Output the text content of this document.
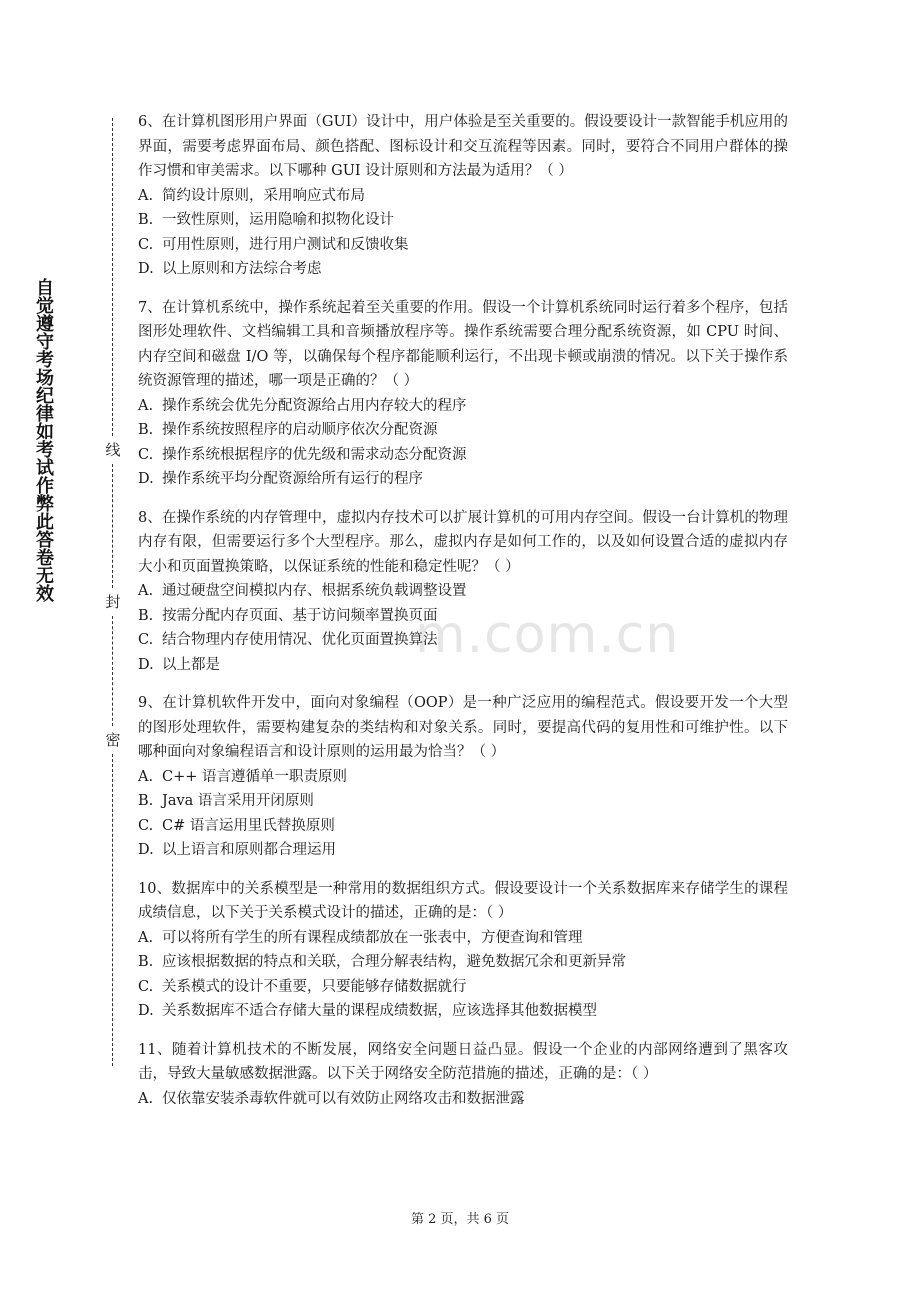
自觉遵守考场纪律如考试作弊此答卷无效	线
封
密
m.com.cn

6、在计算机图形用户界面（GUI）设计中，用户体验是至关重要的。假设要设计一款智能手机应用的界面，需要考虑界面布局、颜色搭配、图标设计和交互流程等因素。同时，要符合不同用户群体的操作习惯和审美需求。以下哪种 GUI 设计原则和方法最为适用？（ ）

A. 简约设计原则，采用响应式布局
B. 一致性原则，运用隐喻和拟物化设计
C. 可用性原则，进行用户测试和反馈收集
D. 以上原则和方法综合考虑

7、在计算机系统中，操作系统起着至关重要的作用。假设一个计算机系统同时运行着多个程序，包括图形处理软件、文档编辑工具和音频播放程序等。操作系统需要合理分配系统资源，如 CPU 时间、内存空间和磁盘 I/O 等，以确保每个程序都能顺利运行，不出现卡顿或崩溃的情况。以下关于操作系统资源管理的描述，哪一项是正确的？（ ）

A. 操作系统会优先分配资源给占用内存较大的程序
B. 操作系统按照程序的启动顺序依次分配资源
C. 操作系统根据程序的优先级和需求动态分配资源
D. 操作系统平均分配资源给所有运行的程序

8、在操作系统的内存管理中，虚拟内存技术可以扩展计算机的可用内存空间。假设一台计算机的物理内存有限，但需要运行多个大型程序。那么，虚拟内存是如何工作的，以及如何设置合适的虚拟内存大小和页面置换策略，以保证系统的性能和稳定性呢？（ ）

A. 通过硬盘空间模拟内存、根据系统负载调整设置
B. 按需分配内存页面、基于访问频率置换页面
C. 结合物理内存使用情况、优化页面置换算法
D. 以上都是

9、在计算机软件开发中，面向对象编程（OOP）是一种广泛应用的编程范式。假设要开发一个大型的图形处理软件，需要构建复杂的类结构和对象关系。同时，要提高代码的复用性和可维护性。以下哪种面向对象编程语言和设计原则的运用最为恰当？（ ）

A. C++ 语言遵循单一职责原则
B. Java 语言采用开闭原则
C. C# 语言运用里氏替换原则
D. 以上语言和原则都合理运用

10、数据库中的关系模型是一种常用的数据组织方式。假设要设计一个关系数据库来存储学生的课程成绩信息，以下关于关系模式设计的描述，正确的是：（ ）

A. 可以将所有学生的所有课程成绩都放在一张表中，方便查询和管理
B. 应该根据数据的特点和关联，合理分解表结构，避免数据冗余和更新异常
C. 关系模式的设计不重要，只要能够存储数据就行
D. 关系数据库不适合存储大量的课程成绩数据，应该选择其他数据模型

11、随着计算机技术的不断发展，网络安全问题日益凸显。假设一个企业的内部网络遭到了黑客攻击，导致大量敏感数据泄露。以下关于网络安全防范措施的描述，正确的是：（ ）

A. 仅依靠安装杀毒软件就可以有效防止网络攻击和数据泄露
第 2 页，共 6 页
